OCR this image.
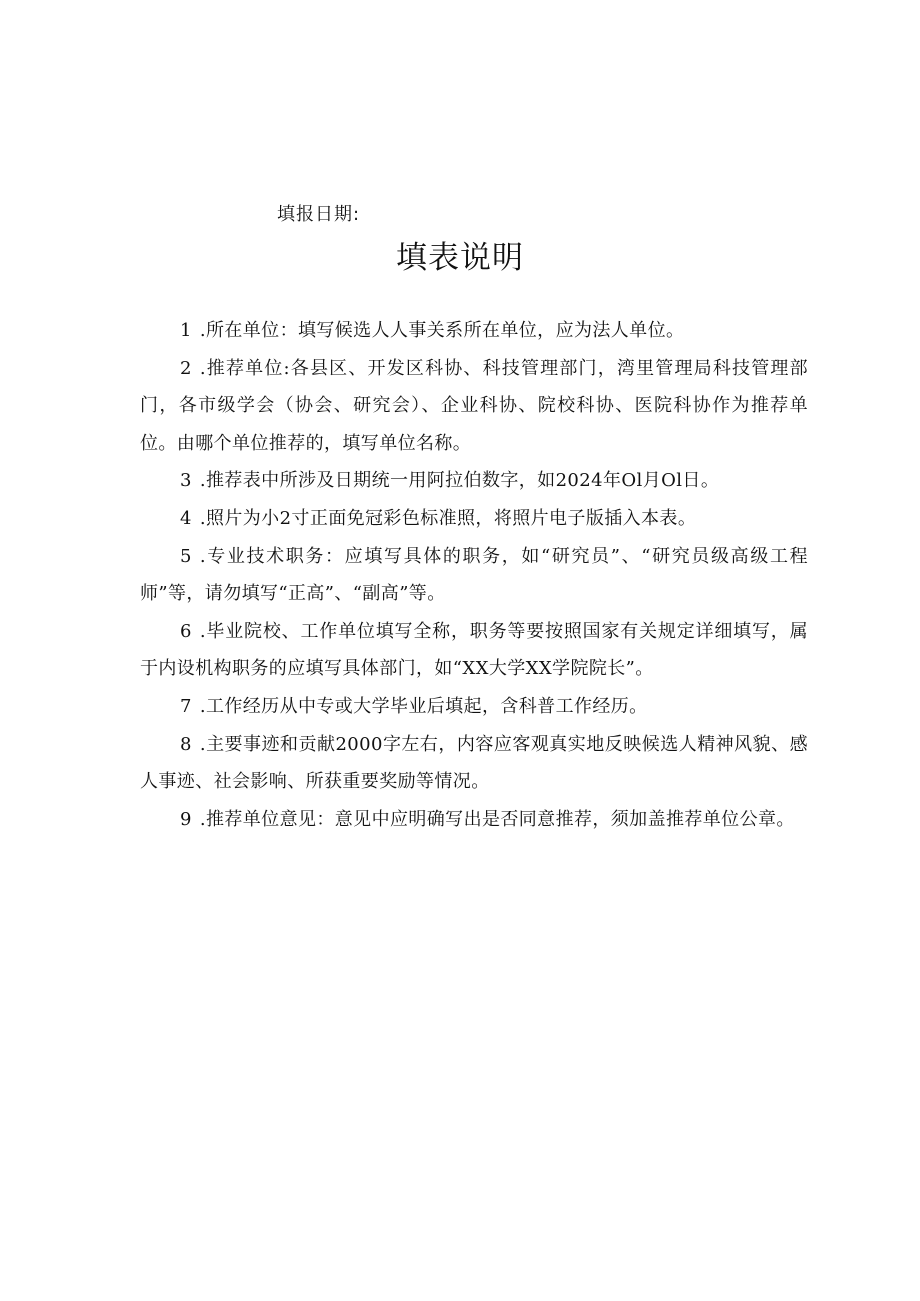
填报日期:
填表说明

1 .所在单位：填写候选人人事关系所在单位，应为法人单位。

2 .推荐单位:各县区、开发区科协、科技管理部门，湾里管理局科技管理部门，各市级学会（协会、研究会）、企业科协、院校科协、医院科协作为推荐单位。由哪个单位推荐的，填写单位名称。

3 .推荐表中所涉及日期统一用阿拉伯数字，如2024年Ol月Ol日。

4 .照片为小2寸正面免冠彩色标准照，将照片电子版插入本表。

5 .专业技术职务：应填写具体的职务，如“研究员”、“研究员级高级工程师”等，请勿填写“正高”、“副高”等。

6 .毕业院校、工作单位填写全称，职务等要按照国家有关规定详细填写，属于内设机构职务的应填写具体部门，如“XX大学XX学院院长”。

7 .工作经历从中专或大学毕业后填起，含科普工作经历。

8 .主要事迹和贡献2000字左右，内容应客观真实地反映候选人精神风貌、感人事迹、社会影响、所获重要奖励等情况。

9 .推荐单位意见：意见中应明确写出是否同意推荐，须加盖推荐单位公章。
